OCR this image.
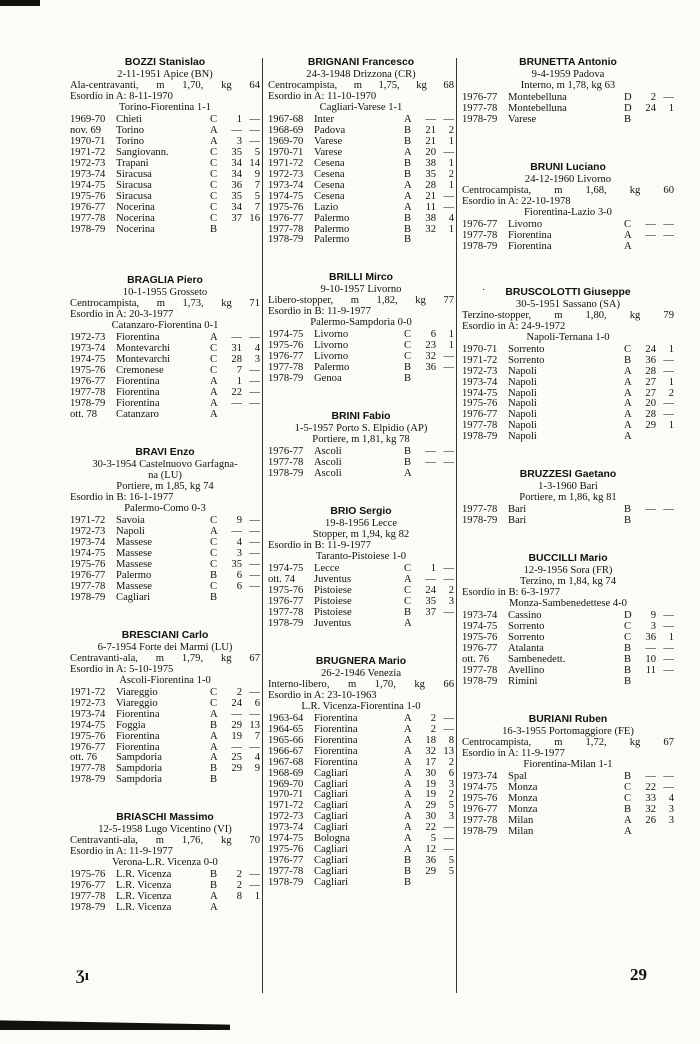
BOZZI Stanislao
2-11-1951 Apice (BN)
Ala-centravanti, m 1,70, kg 64
Esordio in A: 8-11-1970
Torino-Fiorentina 1-1
1969-70	Chieti	C	1	—
nov. 69	Torino	A	—	—
1970-71	Torino	A	3	—
1971-72	Sangiovann.	C	35	5
1972-73	Trapani	C	34	14
1973-74	Siracusa	C	34	9
1974-75	Siracusa	C	36	7
1975-76	Siracusa	C	35	5
1976-77	Nocerina	C	34	7
1977-78	Nocerina	C	37	16
1978-79	Nocerina	B		
BRAGLIA Piero
10-1-1955 Grosseto
Centrocampista, m 1,73, kg 71
Esordio in A: 20-3-1977
Catanzaro-Fiorentina 0-1
1972-73	Fiorentina	A	—	—
1973-74	Montevarchi	C	31	4
1974-75	Montevarchi	C	28	3
1975-76	Cremonese	C	7	—
1976-77	Fiorentina	A	1	—
1977-78	Fiorentina	A	22	—
1978-79	Fiorentina	A	—	—
ott. 78	Catanzaro	A		
BRAVI Enzo
30-3-1954 Castelnuovo Garfagna-
na (LU)
Portiere, m 1,85, kg 74
Esordio in B: 16-1-1977
Palermo-Como 0-3
1971-72	Savoia	C	9	—
1972-73	Napoli	A	—	—
1973-74	Massese	C	4	—
1974-75	Massese	C	3	—
1975-76	Massese	C	35	—
1976-77	Palermo	B	6	—
1977-78	Massese	C	6	—
1978-79	Cagliari	B		
BRESCIANI Carlo
6-7-1954 Forte dei Marmi (LU)
Centravanti-ala, m 1,79, kg 67
Esordio in A: 5-10-1975
Ascoli-Fiorentina 1-0
1971-72	Viareggio	C	2	—
1972-73	Viareggio	C	24	6
1973-74	Fiorentina	A	—	—
1974-75	Foggia	B	29	13
1975-76	Fiorentina	A	19	7
1976-77	Fiorentina	A	—	—
ott. 76	Sampdoria	A	25	4
1977-78	Sampdoria	B	29	9
1978-79	Sampdoria	B		
BRIASCHI Massimo
12-5-1958 Lugo Vicentino (VI)
Centravanti-ala, m 1,76, kg 70
Esordio in A: 11-9-1977
Verona-L.R. Vicenza 0-0
1975-76	L.R. Vicenza	B	2	—
1976-77	L.R. Vicenza	B	2	—
1977-78	L.R. Vicenza	A	8	1
1978-79	L.R. Vicenza	A		
BRIGNANI Francesco
24-3-1948 Drizzona (CR)
Centrocampista, m 1,75, kg 68
Esordio in A: 11-10-1970
Cagliari-Varese 1-1
1967-68	Inter	A	—	—
1968-69	Padova	B	21	2
1969-70	Varese	B	21	1
1970-71	Varese	A	20	—
1971-72	Cesena	B	38	1
1972-73	Cesena	B	35	2
1973-74	Cesena	A	28	1
1974-75	Cesena	A	21	—
1975-76	Lazio	A	11	—
1976-77	Palermo	B	38	4
1977-78	Palermo	B	32	1
1978-79	Palermo	B		
BRILLI Mirco
9-10-1957 Livorno
Libero-stopper, m 1,82, kg 77
Esordio in B: 11-9-1977
Palermo-Sampdoria 0-0
1974-75	Livorno	C	6	1
1975-76	Livorno	C	23	1
1976-77	Livorno	C	32	—
1977-78	Palermo	B	36	—
1978-79	Genoa	B		
BRINI Fabio
1-5-1957 Porto S. Elpidio (AP)
Portiere, m 1,81, kg 78
1976-77	Ascoli	B	—	—
1977-78	Ascoli	B	—	—
1978-79	Ascoli	A		
BRIO Sergio
19-8-1956 Lecce
Stopper, m 1,94, kg 82
Esordio in B: 11-9-1977
Taranto-Pistoiese 1-0
1974-75	Lecce	C	1	—
ott. 74	Juventus	A	—	—
1975-76	Pistoiese	C	24	2
1976-77	Pistoiese	C	35	3
1977-78	Pistoiese	B	37	—
1978-79	Juventus	A		
BRUGNERA Mario
26-2-1946 Venezia
Interno-libero, m 1,70, kg 66
Esordio in A: 23-10-1963
L.R. Vicenza-Fiorentina 1-0
1963-64	Fiorentina	A	2	—
1964-65	Fiorentina	A	2	—
1965-66	Fiorentina	A	18	8
1966-67	Fiorentina	A	32	13
1967-68	Fiorentina	A	17	2
1968-69	Cagliari	A	30	6
1969-70	Cagliari	A	19	3
1970-71	Cagliari	A	19	2
1971-72	Cagliari	A	29	5
1972-73	Cagliari	A	30	3
1973-74	Cagliari	A	22	—
1974-75	Bologna	A	5	—
1975-76	Cagliari	A	12	—
1976-77	Cagliari	B	36	5
1977-78	Cagliari	B	29	5
1978-79	Cagliari	B		
BRUNETTA Antonio
9-4-1959 Padova
Interno, m 1,78, kg 63
1976-77	Montebelluna	D	2	—
1977-78	Montebelluna	D	24	1
1978-79	Varese	B		
BRUNI Luciano
24-12-1960 Livorno
Centrocampista, m 1,68, kg 60
Esordio in A: 22-10-1978
Fiorentina-Lazio 3-0
1976-77	Livorno	C	—	—
1977-78	Fiorentina	A	—	—
1978-79	Fiorentina	A		
BRUSCOLOTTI Giuseppe
30-5-1951 Sassano (SA)
Terzino-stopper, m 1,80, kg 79
Esordio in A: 24-9-1972
Napoli-Ternana 1-0
1970-71	Sorrento	C	24	1
1971-72	Sorrento	B	36	—
1972-73	Napoli	A	28	—
1973-74	Napoli	A	27	1
1974-75	Napoli	A	27	2
1975-76	Napoli	A	20	—
1976-77	Napoli	A	28	—
1977-78	Napoli	A	29	1
1978-79	Napoli	A		
BRUZZESI Gaetano
1-3-1960 Bari
Portiere, m 1,86, kg 81
1977-78	Bari	B	—	—
1978-79	Bari	B		
BUCCILLI Mario
12-9-1956 Sora (FR)
Terzino, m 1,84, kg 74
Esordio in B: 6-3-1977
Monza-Sambenedettese 4-0
1973-74	Cassino	D	9	—
1974-75	Sorrento	C	3	—
1975-76	Sorrento	C	36	1
1976-77	Atalanta	B	—	—
ott. 76	Sambenedett.	B	10	—
1977-78	Avellino	B	11	—
1978-79	Rimini	B		
BURIANI Ruben
16-3-1955 Portomaggiore (FE)
Centrocampista, m 1,72, kg 67
Esordio in A: 11-9-1977
Fiorentina-Milan 1-1
1973-74	Spal	B	—	—
1974-75	Monza	C	22	—
1975-76	Monza	C	33	4
1976-77	Monza	B	32	3
1977-78	Milan	A	26	3
1978-79	Milan	A		
·
Ʒı	29
